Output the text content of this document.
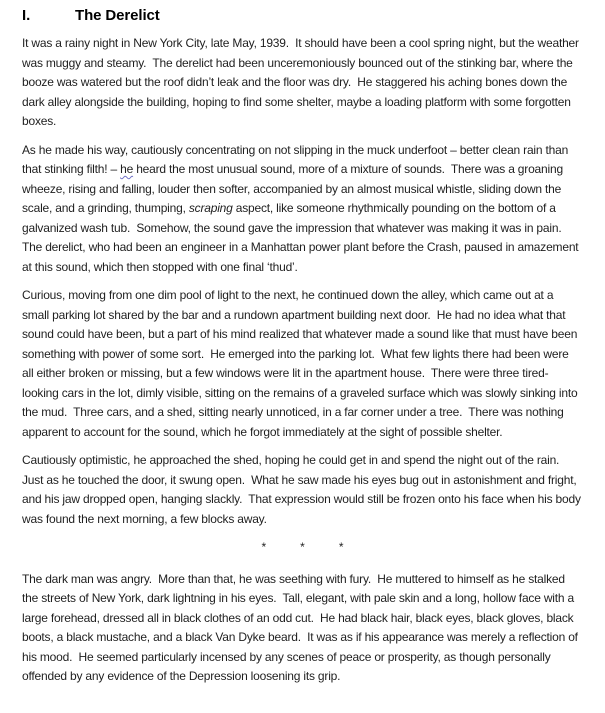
I.	The Derelict

It was a rainy night in New York City, late May, 1939.  It should have been a cool spring night, but the weather was muggy and steamy.  The derelict had been unceremoniously bounced out of the stinking bar, where the booze was watered but the roof didn’t leak and the floor was dry.  He staggered his aching bones down the dark alley alongside the building, hoping to find some shelter, maybe a loading platform with some forgotten boxes.

As he made his way, cautiously concentrating on not slipping in the muck underfoot – better clean rain than that stinking filth! – he heard the most unusual sound, more of a mixture of sounds.  There was a groaning wheeze, rising and falling, louder then softer, accompanied by an almost musical whistle, sliding down the scale, and a grinding, thumping, scraping aspect, like someone rhythmically pounding on the bottom of a galvanized wash tub.  Somehow, the sound gave the impression that whatever was making it was in pain.  The derelict, who had been an engineer in a Manhattan power plant before the Crash, paused in amazement at this sound, which then stopped with one final ‘thud’.

Curious, moving from one dim pool of light to the next, he continued down the alley, which came out at a small parking lot shared by the bar and a rundown apartment building next door.  He had no idea what that sound could have been, but a part of his mind realized that whatever made a sound like that must have been something with power of some sort.  He emerged into the parking lot.  What few lights there had been were all either broken or missing, but a few windows were lit in the apartment house.  There were three tired-looking cars in the lot, dimly visible, sitting on the remains of a graveled surface which was slowly sinking into the mud.  Three cars, and a shed, sitting nearly unnoticed, in a far corner under a tree.  There was nothing apparent to account for the sound, which he forgot immediately at the sight of possible shelter.

Cautiously optimistic, he approached the shed, hoping he could get in and spend the night out of the rain.  Just as he touched the door, it swung open.  What he saw made his eyes bug out in astonishment and fright, and his jaw dropped open, hanging slackly.  That expression would still be frozen onto his face when his body was found the next morning, a few blocks away.

*	*	*

The dark man was angry.  More than that, he was seething with fury.  He muttered to himself as he stalked the streets of New York, dark lightning in his eyes.  Tall, elegant, with pale skin and a long, hollow face with a large forehead, dressed all in black clothes of an odd cut.  He had black hair, black eyes, black gloves, black boots, a black mustache, and a black Van Dyke beard.  It was as if his appearance was merely a reflection of his mood.  He seemed particularly incensed by any scenes of peace or prosperity, as though personally offended by any evidence of the Depression loosening its grip.
